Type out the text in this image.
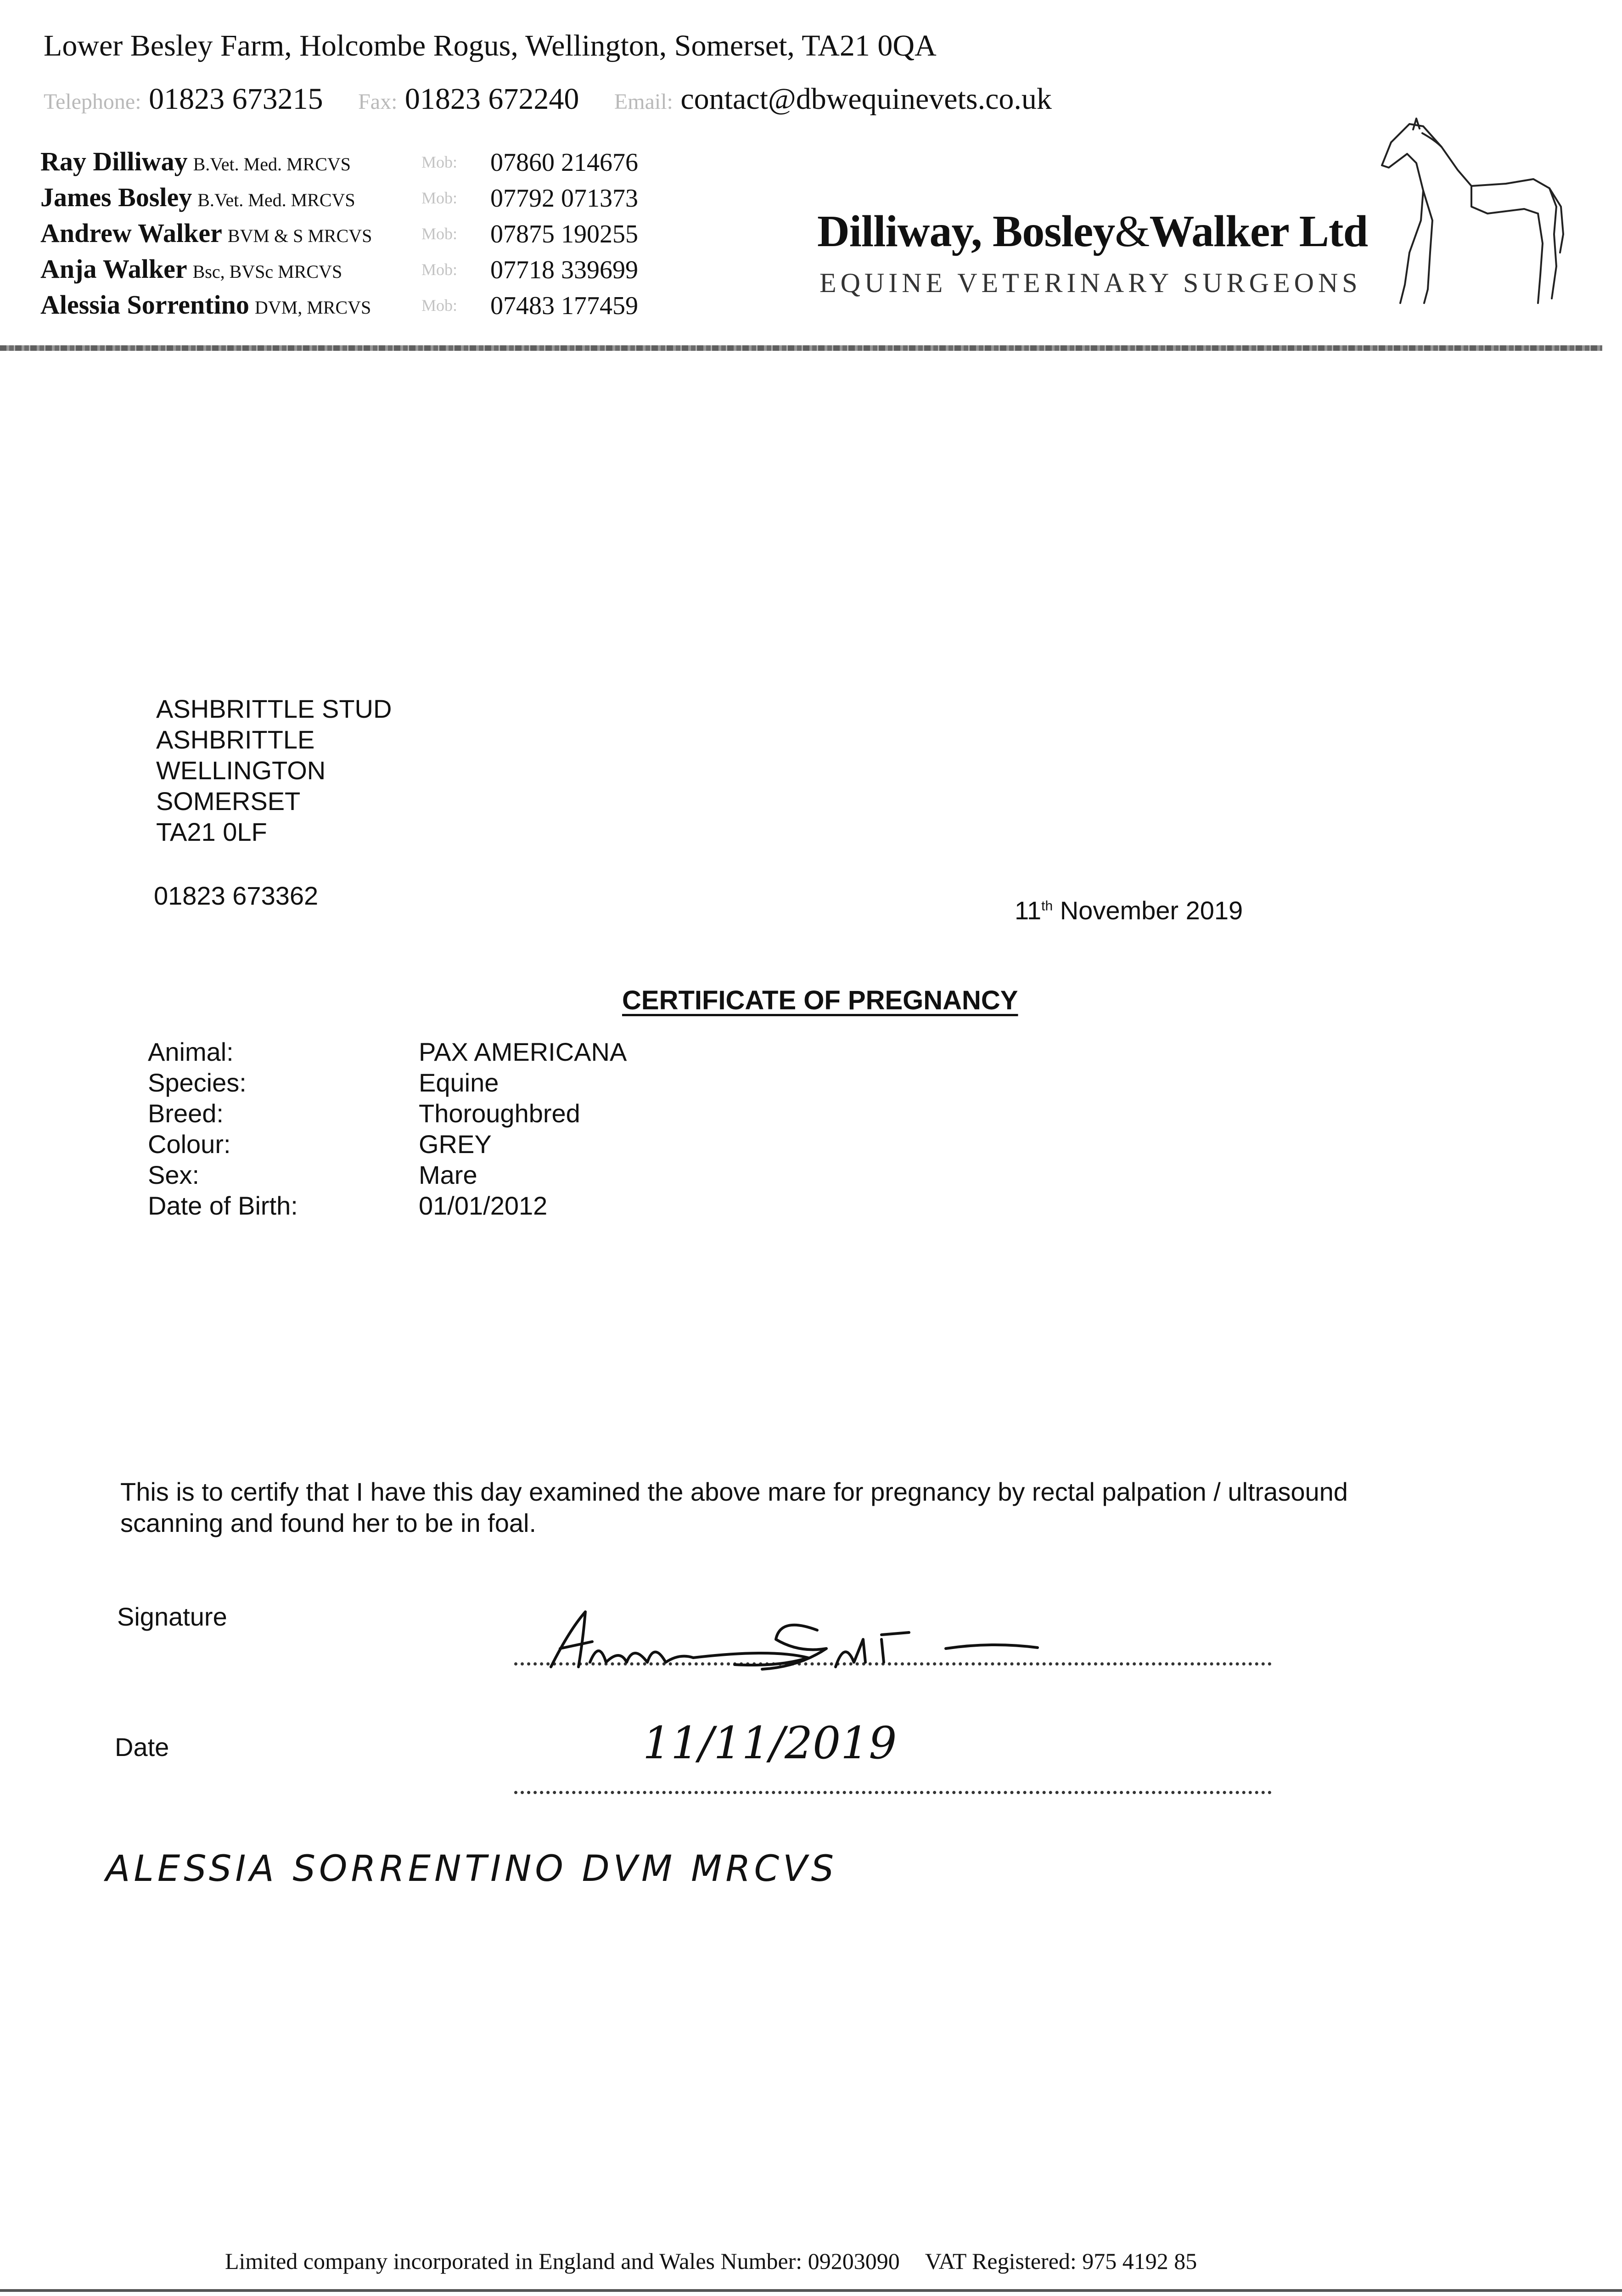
Lower Besley Farm, Holcombe Rogus, Wellington, Somerset, TA21 0QA
Telephone: 01823 673215 Fax: 01823 672240 Email: contact@dbwequinevets.co.uk
Ray Dilliway B.Vet. Med. MRCVS	Mob: 07860 214676
James Bosley B.Vet. Med. MRCVS	Mob: 07792 071373
Andrew Walker BVM & S MRCVS	Mob: 07875 190255
Anja Walker Bsc, BVSc MRCVS	Mob: 07718 339699
Alessia Sorrentino DVM, MRCVS	Mob: 07483 177459
Dilliway, Bosley&Walker Ltd
EQUINE VETERINARY SURGEONS
ASHBRITTLE STUD
ASHBRITTLE
WELLINGTON
SOMERSET
TA21 0LF
01823 673362
11th November 2019
CERTIFICATE OF PREGNANCY
Animal:	PAX AMERICANA
Species:	Equine
Breed:	Thoroughbred
Colour:	GREY
Sex:	Mare
Date of Birth:	01/01/2012
This is to certify that I have this day examined the above mare for pregnancy by rectal palpation / ultrasound scanning and found her to be in foal.
Signature
Date	11/11/2019
ALESSIA SORRENTINO DVM MRCVS
Limited company incorporated in England and Wales Number: 09203090 VAT Registered: 975 4192 85
